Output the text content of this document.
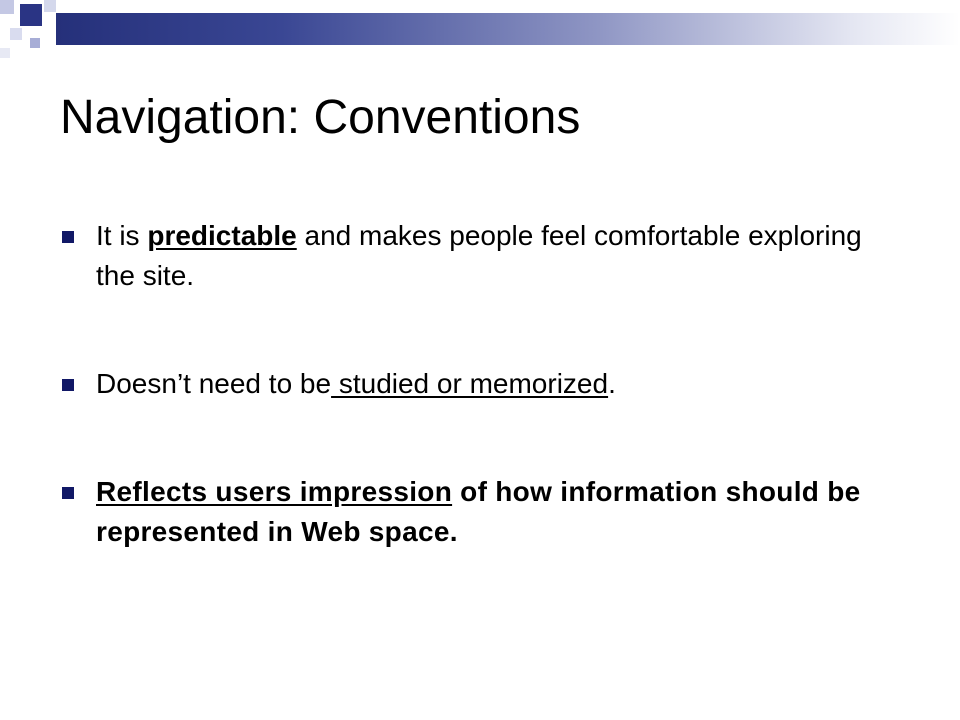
Navigation: Conventions
It is predictable and makes people feel comfortable exploring the site.
Doesn’t need to be studied or memorized.
Reflects users impression of how information should be represented in Web space.
